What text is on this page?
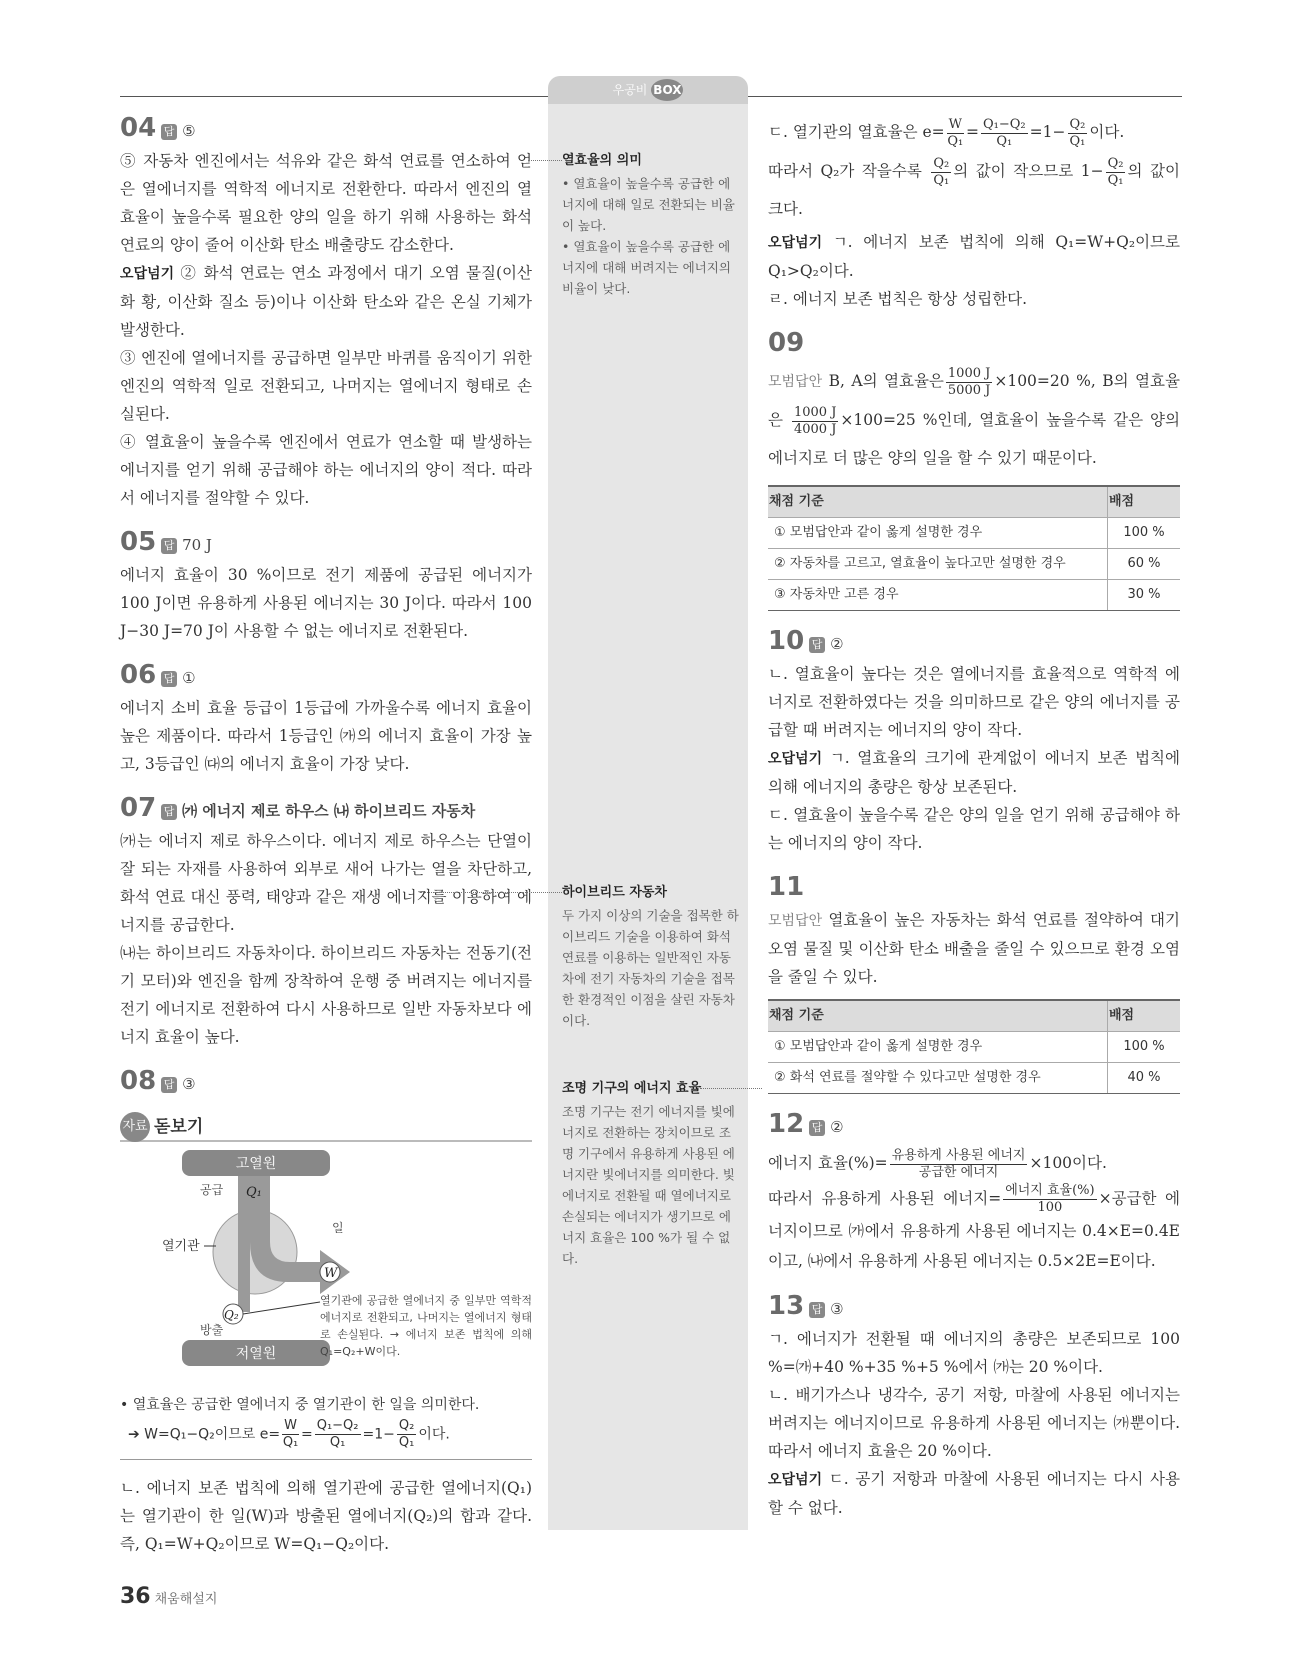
우공비 BOX
04 답 ⑤

⑤ 자동차 엔진에서는 석유와 같은 화석 연료를 연소하여 얻은 열에너지를 역학적 에너지로 전환한다. 따라서 엔진의 열효율이 높을수록 필요한 양의 일을 하기 위해 사용하는 화석 연료의 양이 줄어 이산화 탄소 배출량도 감소한다.

오답넘기 ② 화석 연료는 연소 과정에서 대기 오염 물질(이산화 황, 이산화 질소 등)이나 이산화 탄소와 같은 온실 기체가 발생한다.

③ 엔진에 열에너지를 공급하면 일부만 바퀴를 움직이기 위한 엔진의 역학적 일로 전환되고, 나머지는 열에너지 형태로 손실된다.

④ 열효율이 높을수록 엔진에서 연료가 연소할 때 발생하는 에너지를 얻기 위해 공급해야 하는 에너지의 양이 적다. 따라서 에너지를 절약할 수 있다.

05 답 70 J

에너지 효율이 30 %이므로 전기 제품에 공급된 에너지가 100 J이면 유용하게 사용된 에너지는 30 J이다. 따라서 100 J−30 J=70 J이 사용할 수 없는 에너지로 전환된다.

06 답 ①

에너지 소비 효율 등급이 1등급에 가까울수록 에너지 효율이 높은 제품이다. 따라서 1등급인 ㈎의 에너지 효율이 가장 높고, 3등급인 ㈐의 에너지 효율이 가장 낮다.

07 답 ㈎ 에너지 제로 하우스 ㈏ 하이브리드 자동차

㈎는 에너지 제로 하우스이다. 에너지 제로 하우스는 단열이 잘 되는 자재를 사용하여 외부로 새어 나가는 열을 차단하고, 화석 연료 대신 풍력, 태양과 같은 재생 에너지를 이용하여 에너지를 공급한다.

㈏는 하이브리드 자동차이다. 하이브리드 자동차는 전동기(전기 모터)와 엔진을 함께 장착하여 운행 중 버려지는 에너지를 전기 에너지로 전환하여 다시 사용하므로 일반 자동차보다 에너지 효율이 높다.

08 답 ③
자료 돋보기
고열원
저열원
공급 Q₁
열기관
일
W
Q₂
방출
열기관에 공급한 열에너지 중 일부만 역학적 에너지로 전환되고, 나머지는 열에너지 형태로 손실된다. → 에너지 보존 법칙에 의해 Q₁=Q₂+W이다.
• 열효율은 공급한 열에너지 중 열기관이 한 일을 의미한다.
➔ W=Q₁−Q₂이므로 $e= \frac{W}{\text{Q₁}} = \frac{\text{Q₁−Q₂}}{\text{Q₁}} =1- \frac{\text{Q₂}}{\text{Q₁}}$ 이다.

ㄴ. 에너지 보존 법칙에 의해 열기관에 공급한 열에너지(Q₁)는 열기관이 한 일(W)과 방출된 열에너지(Q₂)의 합과 같다. 즉, Q₁=W+Q₂이므로 W=Q₁−Q₂이다.

열효율의 의미
• 열효율이 높을수록 공급한 에너지에 대해 일로 전환되는 비율이 높다.
• 열효율이 높을수록 공급한 에너지에 대해 버려지는 에너지의 비율이 낮다.
하이브리드 자동차
두 가지 이상의 기술을 접목한 하이브리드 기술을 이용하여 화석 연료를 이용하는 일반적인 자동차에 전기 자동차의 기술을 접목한 환경적인 이점을 살린 자동차이다.
조명 기구의 에너지 효율
조명 기구는 전기 에너지를 빛에너지로 전환하는 장치이므로 조명 기구에서 유용하게 사용된 에너지란 빛에너지를 의미한다. 빛에너지로 전환될 때 열에너지로 손실되는 에너지가 생기므로 에너지 효율은 100 %가 될 수 없다.

ㄷ. 열기관의 열효율은 $e= \frac{W}{\text{Q₁}} = \frac{\text{Q₁−Q₂}}{\text{Q₁}} =1- \frac{\text{Q₂}}{\text{Q₁}}$ 이다.

따라서 Q₂가 작을수록 $\frac{\text{Q₂}}{\text{Q₁}}$ 의 값이 작으므로 $1- \frac{\text{Q₂}}{\text{Q₁}}$ 의 값이 크다.

오답넘기 ㄱ. 에너지 보존 법칙에 의해 Q₁=W+Q₂이므로 Q₁>Q₂이다.

ㄹ. 에너지 보존 법칙은 항상 성립한다.

09

모범답안 B, A의 열효율은 $\frac{1000 J}{5000 J} \times 100=20$ %, B의 열효율은 $\frac{1000 J}{4000 J} \times 100=25$ %인데, 열효율이 높을수록 같은 양의 에너지로 더 많은 양의 일을 할 수 있기 때문이다.

채점 기준	배점
① 모범답안과 같이 옳게 설명한 경우	100 %
② 자동차를 고르고, 열효율이 높다고만 설명한 경우	60 %
③ 자동차만 고른 경우	30 %
10 답 ②

ㄴ. 열효율이 높다는 것은 열에너지를 효율적으로 역학적 에너지로 전환하였다는 것을 의미하므로 같은 양의 에너지를 공급할 때 버려지는 에너지의 양이 작다.

오답넘기 ㄱ. 열효율의 크기에 관계없이 에너지 보존 법칙에 의해 에너지의 총량은 항상 보존된다.

ㄷ. 열효율이 높을수록 같은 양의 일을 얻기 위해 공급해야 하는 에너지의 양이 작다.

11

모범답안 열효율이 높은 자동차는 화석 연료를 절약하여 대기 오염 물질 및 이산화 탄소 배출을 줄일 수 있으므로 환경 오염을 줄일 수 있다.

채점 기준	배점
① 모범답안과 같이 옳게 설명한 경우	100 %
② 화석 연료를 절약할 수 있다고만 설명한 경우	40 %
12 답 ②

에너지 효율(%)= $\frac{\text{유용하게 사용된 에너지}}{\text{공급한 에너지}} \times 100$이다.

따라서 유용하게 사용된 에너지= $\frac{\text{에너지 효율(\%)}}{100}$ ×공급한 에너지이므로 ㈎에서 유용하게 사용된 에너지는 0.4×E=0.4E이고, ㈏에서 유용하게 사용된 에너지는 0.5×2E=E이다.

13 답 ③

ㄱ. 에너지가 전환될 때 에너지의 총량은 보존되므로 100 %=㈎+40 %+35 %+5 %에서 ㈎는 20 %이다.

ㄴ. 배기가스나 냉각수, 공기 저항, 마찰에 사용된 에너지는 버려지는 에너지이므로 유용하게 사용된 에너지는 ㈎뿐이다. 따라서 에너지 효율은 20 %이다.

오답넘기 ㄷ. 공기 저항과 마찰에 사용된 에너지는 다시 사용할 수 없다.

36 채움해설지
